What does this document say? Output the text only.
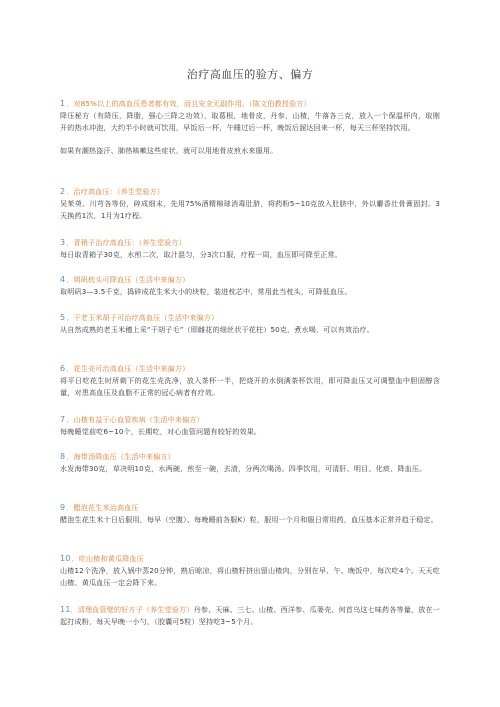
治疗高血压的验方、偏方

1．对85%以上的高血压患者都有效，而且安全无副作用。（陈文伯教授验方）

降压秘方（有降压，降脂，强心三降之功效），取葛根，地骨皮，丹参，山楂，牛落各三克，放入一个保温杯内，取刚开的热水冲泡，大约半小时就可饮用，早饭后一杯，午睡过后一杯，晚饭后溜达回来一杯，每天三杯坚持饮用。

如果有潮热盗汗、肺热咳嗽这些症状，就可以用地骨皮煎水来服用。

2．治疗高血压：（养生堂验方）

吴茱萸、川芎各等份，碎成细末，先用75%酒精棉球消毒肚脐，将药粉5~10克放入肚脐中，外以麝香壮骨膏固封。3天换药1次，1月为1疗程。

3．青稍子治疗高血压：（养生堂验方）

每日取青箱子30克，水煎二次，取汁混匀，分3次口服，疗程一周，血压即可降至正常。

4．明矾枕头可降血压（生活中来偏方）

取明矾3—3.5千克，捣碎成花生米大小的块粒，装进枕芯中，常用此当枕头，可降低血压。

5．干老玉米胡子可治疗高血压（生活中来偏方）

从自然成熟的老玉米穗上采“干胡子毛”（即雌花的细丝状干花柱）50克，煮水喝，可以有效治疗。

6．花生壳可治高血压（生活中来偏方）

将平日吃花生时所剩下的花生壳洗净，放入茶杯一半，把烧开的水倒满茶杯饮用，即可降血压又可调整血中胆固醇含量，对患高血压及血脂不正常的冠心病者有疗效。

7．山楂有益于心血管疾病（生活中来偏方）

每晚睡觉前吃6~10个，长期吃，对心血管问题有较好的效果。

8．海带汤降血压（生活中来偏方）

水发海带30克，草决明10克，水两碗，煎至一碗，去渣，分两次喝汤。四季饮用，可清肝、明目、化痰、降血压。

9．醋泡花生米治高血压

醋泡生花生米十日后服用，每早（空腹）、每晚睡前各服K）粒，服用一个月和服日常用药，血压基本正常并趋于稳定。

10．吃山楂和黄瓜降血压

山楂12个洗净，放入锅中蒸20分钟，熟后晾凉，将山楂籽挤出留山楂肉，分别在早、午、晚饭中，每次吃4个。天天吃山楂、黄瓜血压一定会降下来。

11．清理血管壁的好方子（养生堂验方）丹参、天麻、三七、山楂、西洋参、瓜蒌壳、何首乌这七味药各等量，放在一起打成粉，每天早晚一小勺，（胶囊可5粒）坚持吃3~5个月。
